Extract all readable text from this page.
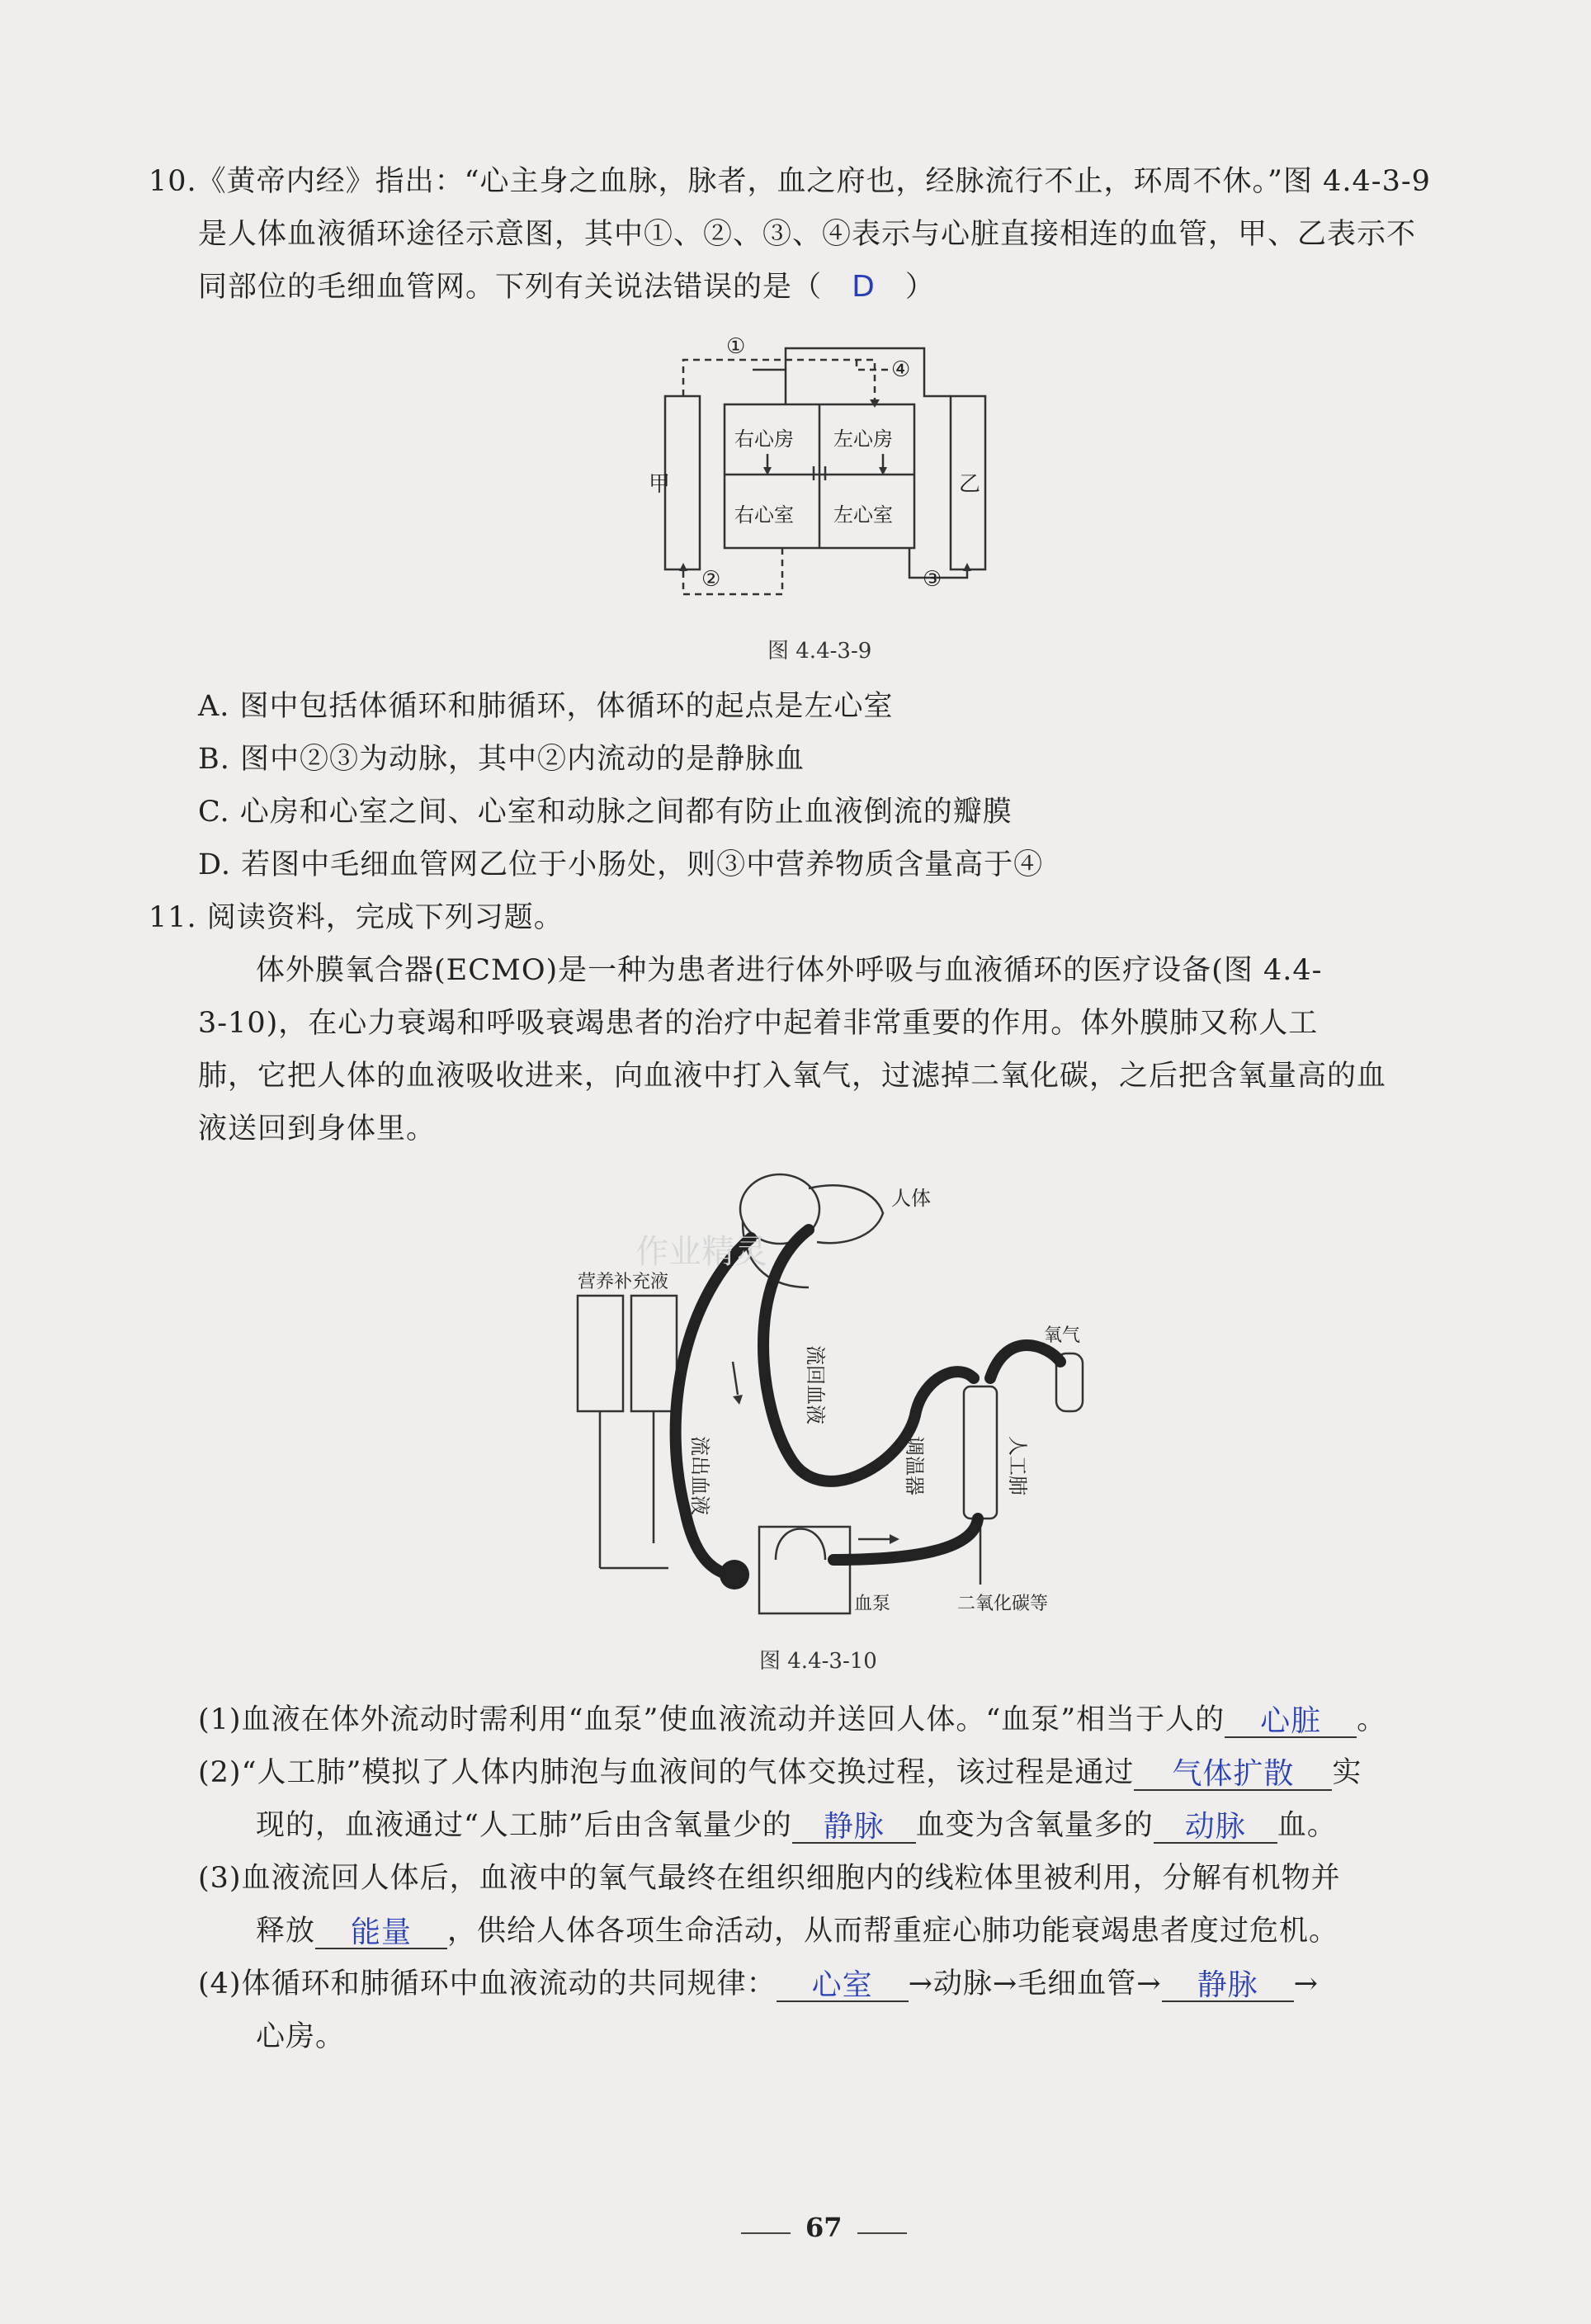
10.《黄帝内经》指出：“心主身之血脉，脉者，血之府也，经脉流行不止，环周不休。”图 4.4-3-9
是人体血液循环途径示意图，其中①、②、③、④表示与心脏直接相连的血管，甲、乙表示不
同部位的毛细血管网。下列有关说法错误的是（ D ）
甲	乙
右心房 左心房
右心室 左心室
①
④
②	③
图 4.4-3-9
A. 图中包括体循环和肺循环，体循环的起点是左心室
B. 图中②③为动脉，其中②内流动的是静脉血
C. 心房和心室之间、心室和动脉之间都有防止血液倒流的瓣膜
D. 若图中毛细血管网乙位于小肠处，则③中营养物质含量高于④
11. 阅读资料，完成下列习题。
体外膜氧合器(ECMO)是一种为患者进行体外呼吸与血液循环的医疗设备(图 4.4-
3-10)，在心力衰竭和呼吸衰竭患者的治疗中起着非常重要的作用。体外膜肺又称人工
肺，它把人体的血液吸收进来，向血液中打入氧气，过滤掉二氧化碳，之后把含氧量高的血
液送回到身体里。
人体
营养补充液
氧气
流出血液
流回血液
调温器	人工肺
血泵	二氧化碳等
作业精灵
图 4.4-3-10
(1)血液在体外流动时需利用“血泵”使血液流动并送回人体。“血泵”相当于人的 心脏 。
(2)“人工肺”模拟了人体内肺泡与血液间的气体交换过程，该过程是通过 气体扩散 实
现的，血液通过“人工肺”后由含氧量少的 静脉 血变为含氧量多的 动脉 血。
(3)血液流回人体后，血液中的氧气最终在组织细胞内的线粒体里被利用，分解有机物并
释放 能量 ，供给人体各项生命活动，从而帮重症心肺功能衰竭患者度过危机。
(4)体循环和肺循环中血液流动的共同规律： 心室 →动脉→毛细血管→ 静脉 →
心房。
67
